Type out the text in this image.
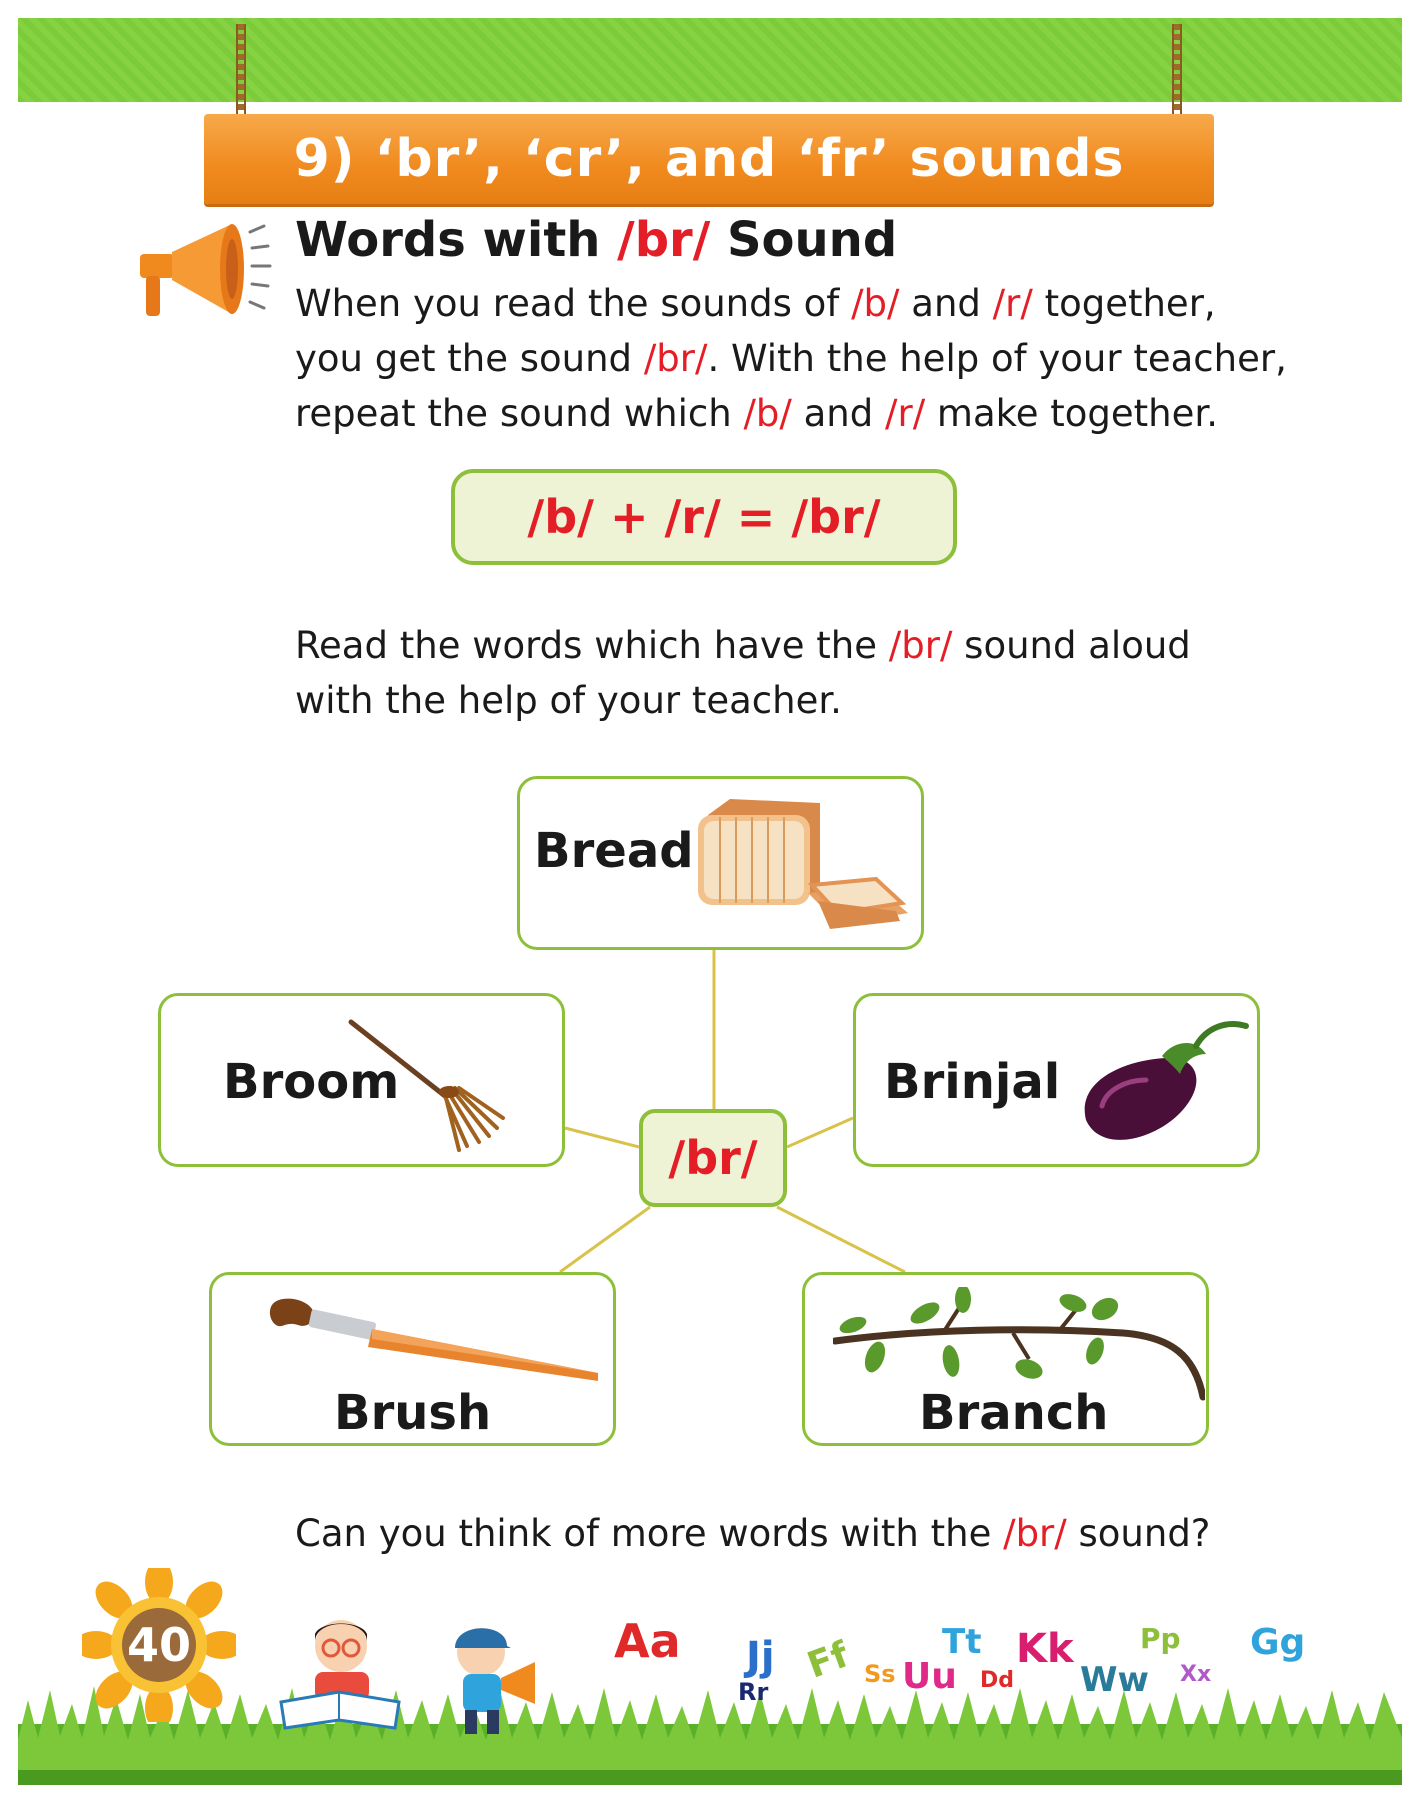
9) ‘br’, ‘cr’, and ‘fr’ sounds
Words with /br/ Sound

When you read the sounds of /b/ and /r/ together,
you get the sound /br/. With the help of your teacher,
repeat the sound which /b/ and /r/ make together.

/b/ + /r/ = /br/

Read the words which have the /br/ sound aloud
with the help of your teacher.

Bread
Broom	Brinjal
/br/
Brush	Branch

Can you think of more words with the /br/ sound?

40	Aa Jj Ff Ss Uu
Tt
Dd
Kk
Ww
Pp
Xx
Gg
Rr
